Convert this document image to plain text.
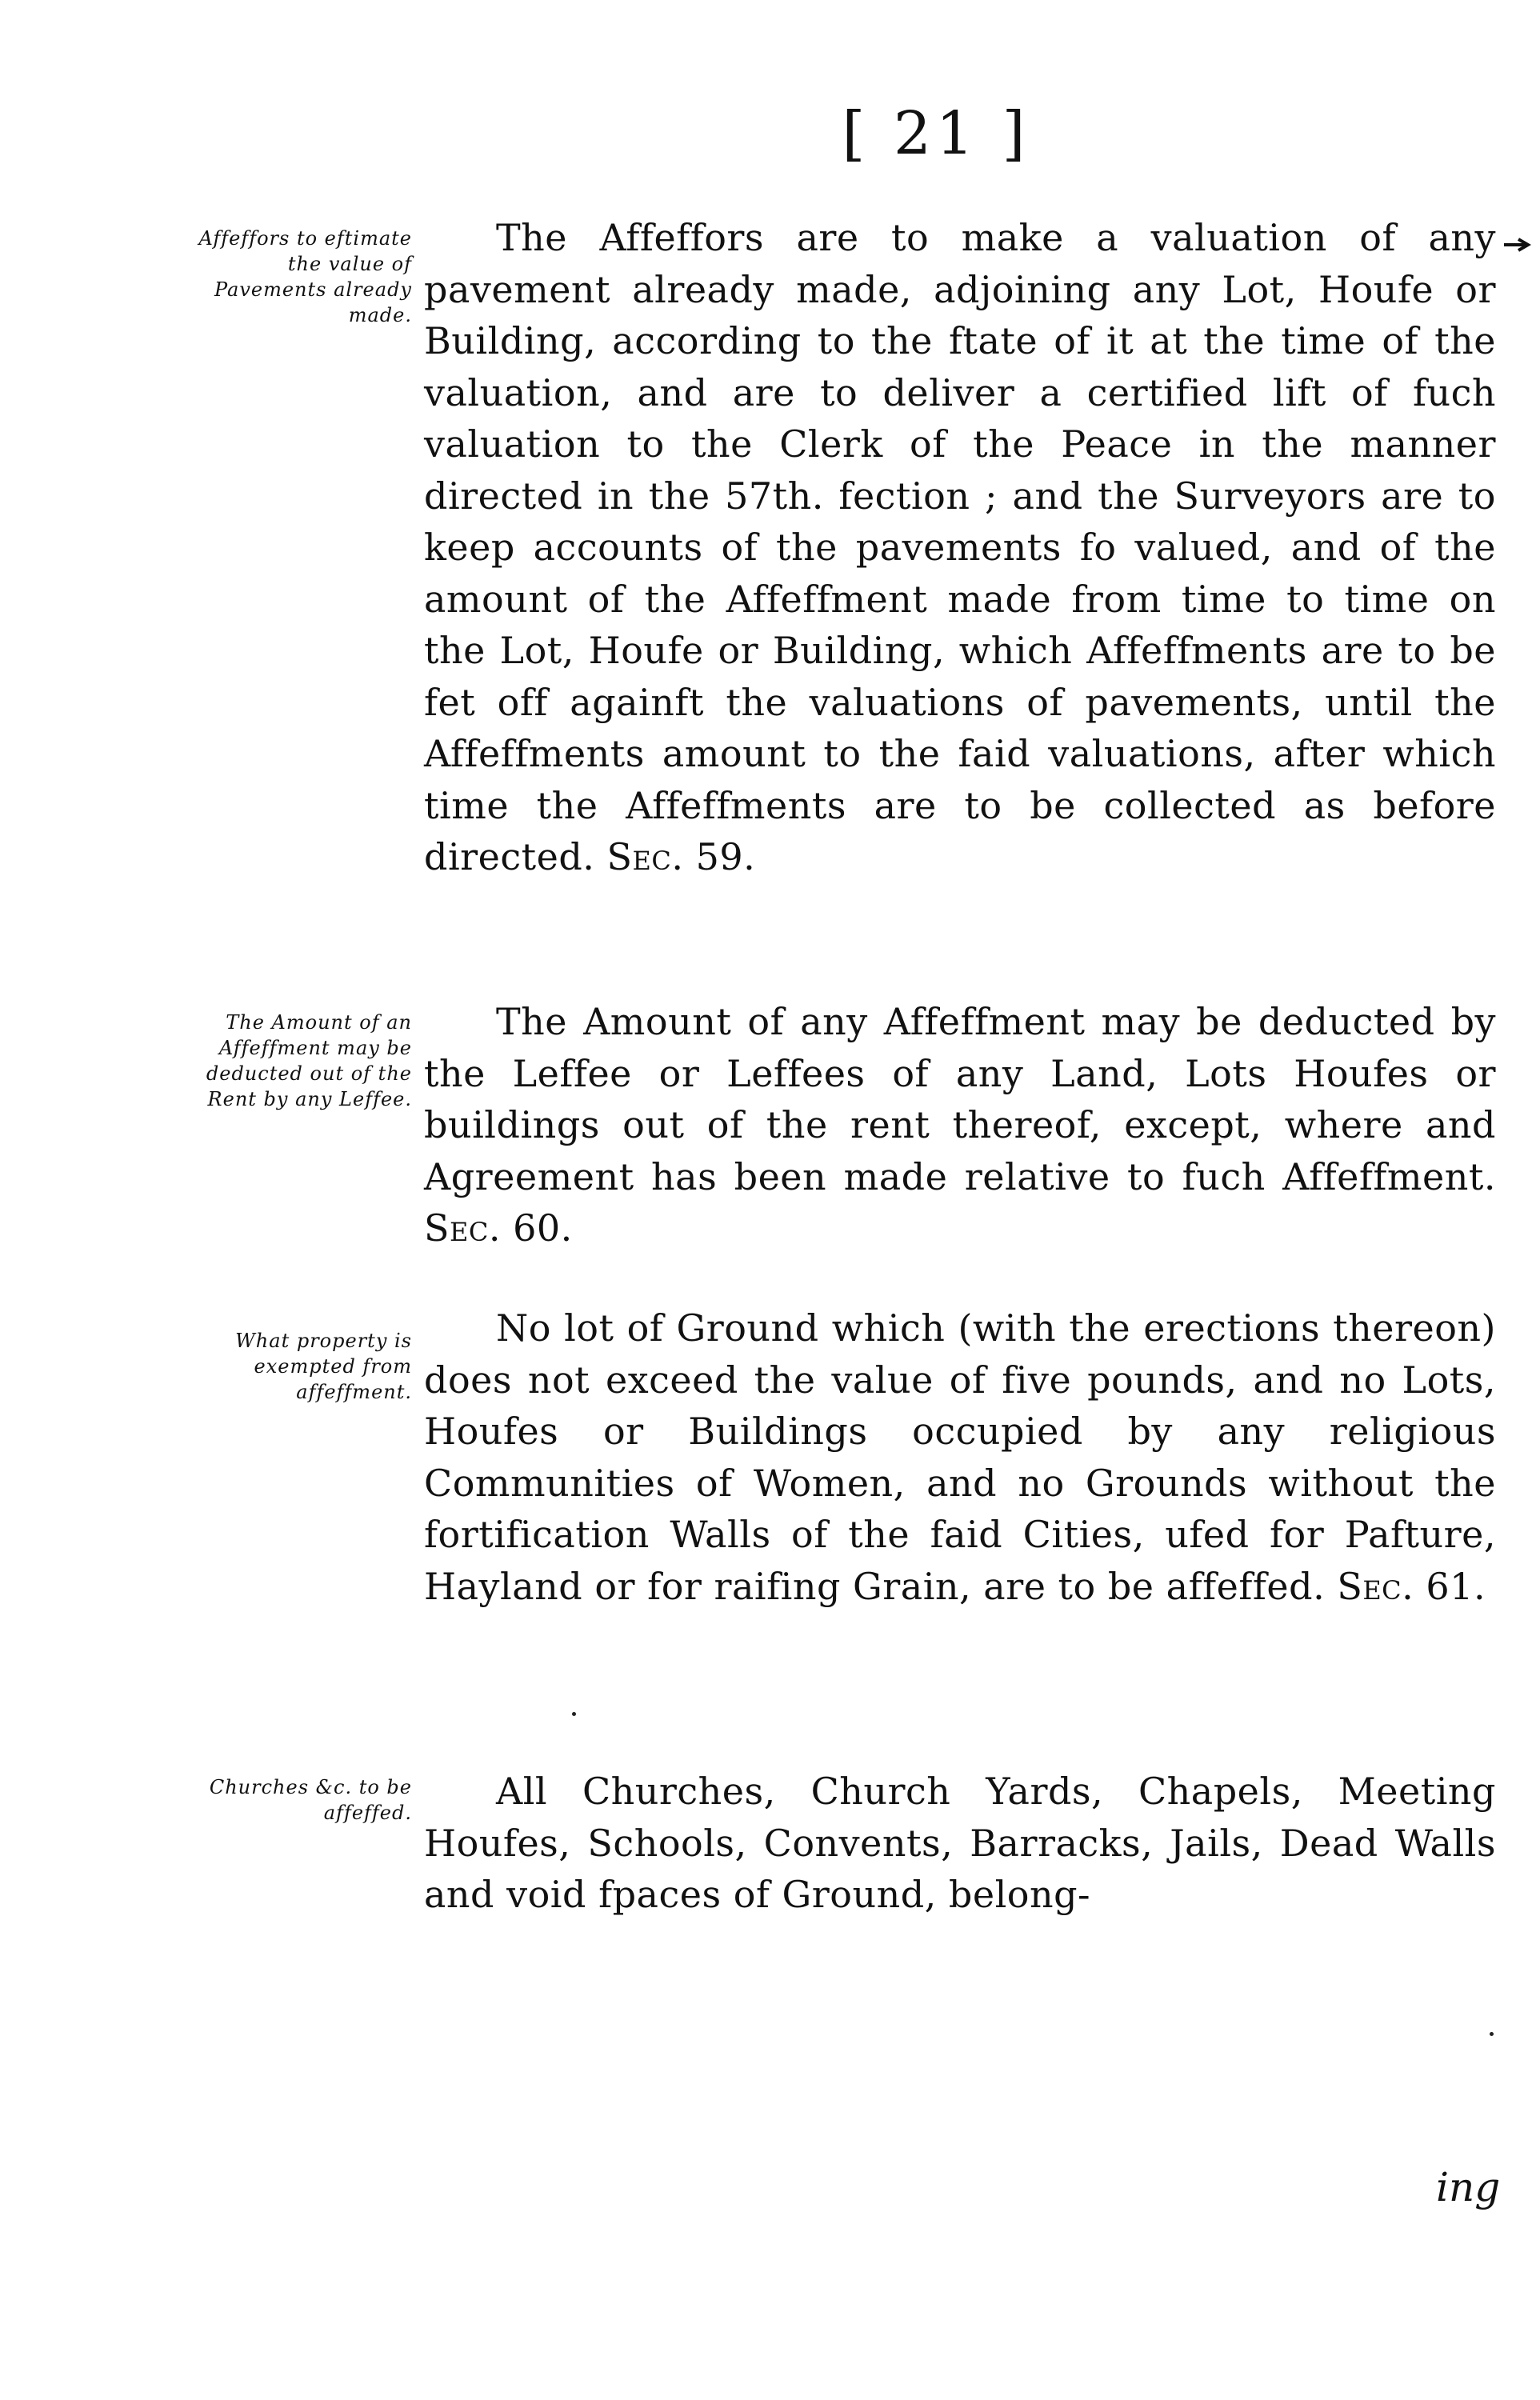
[ 21 ]
Affeffors to eftimate the value of Pavements already made.
The Affeffors are to make a valuation of any pavement already made, adjoining any Lot, Houfe or Building, according to the ftate of it at the time of the valuation, and are to deliver a certified lift of fuch valuation to the Clerk of the Peace in the manner directed in the 57th. fection ; and the Surveyors are to keep accounts of the pavements fo valued, and of the amount of the Affeffment made from time to time on the Lot, Houfe or Building, which Affeffments are to be fet off againft the valuations of pavements, until the Affeffments amount to the faid valuations, after which time the Affeffments are to be collected as before directed. Sec. 59.
The Amount of an Affeffment may be deducted out of the Rent by any Leffee.
The Amount of any Affeffment may be deducted by the Leffee or Leffees of any Land, Lots Houfes or buildings out of the rent thereof, except, where and Agreement has been made relative to fuch Affeffment. Sec. 60.
What property is exempted from affeffment.
No lot of Ground which (with the erections thereon) does not exceed the value of five pounds, and no Lots, Houfes or Buildings occupied by any religious Communities of Women, and no Grounds without the fortification Walls of the faid Cities, ufed for Pafture, Hayland or for raifing Grain, are to be affeffed. Sec. 61.
Churches &c. to be affeffed.	All Churches, Church Yards, Chapels, Meeting Houfes, Schools, Convents, Barracks, Jails, Dead Walls and void fpaces of Ground, belong-
ing
